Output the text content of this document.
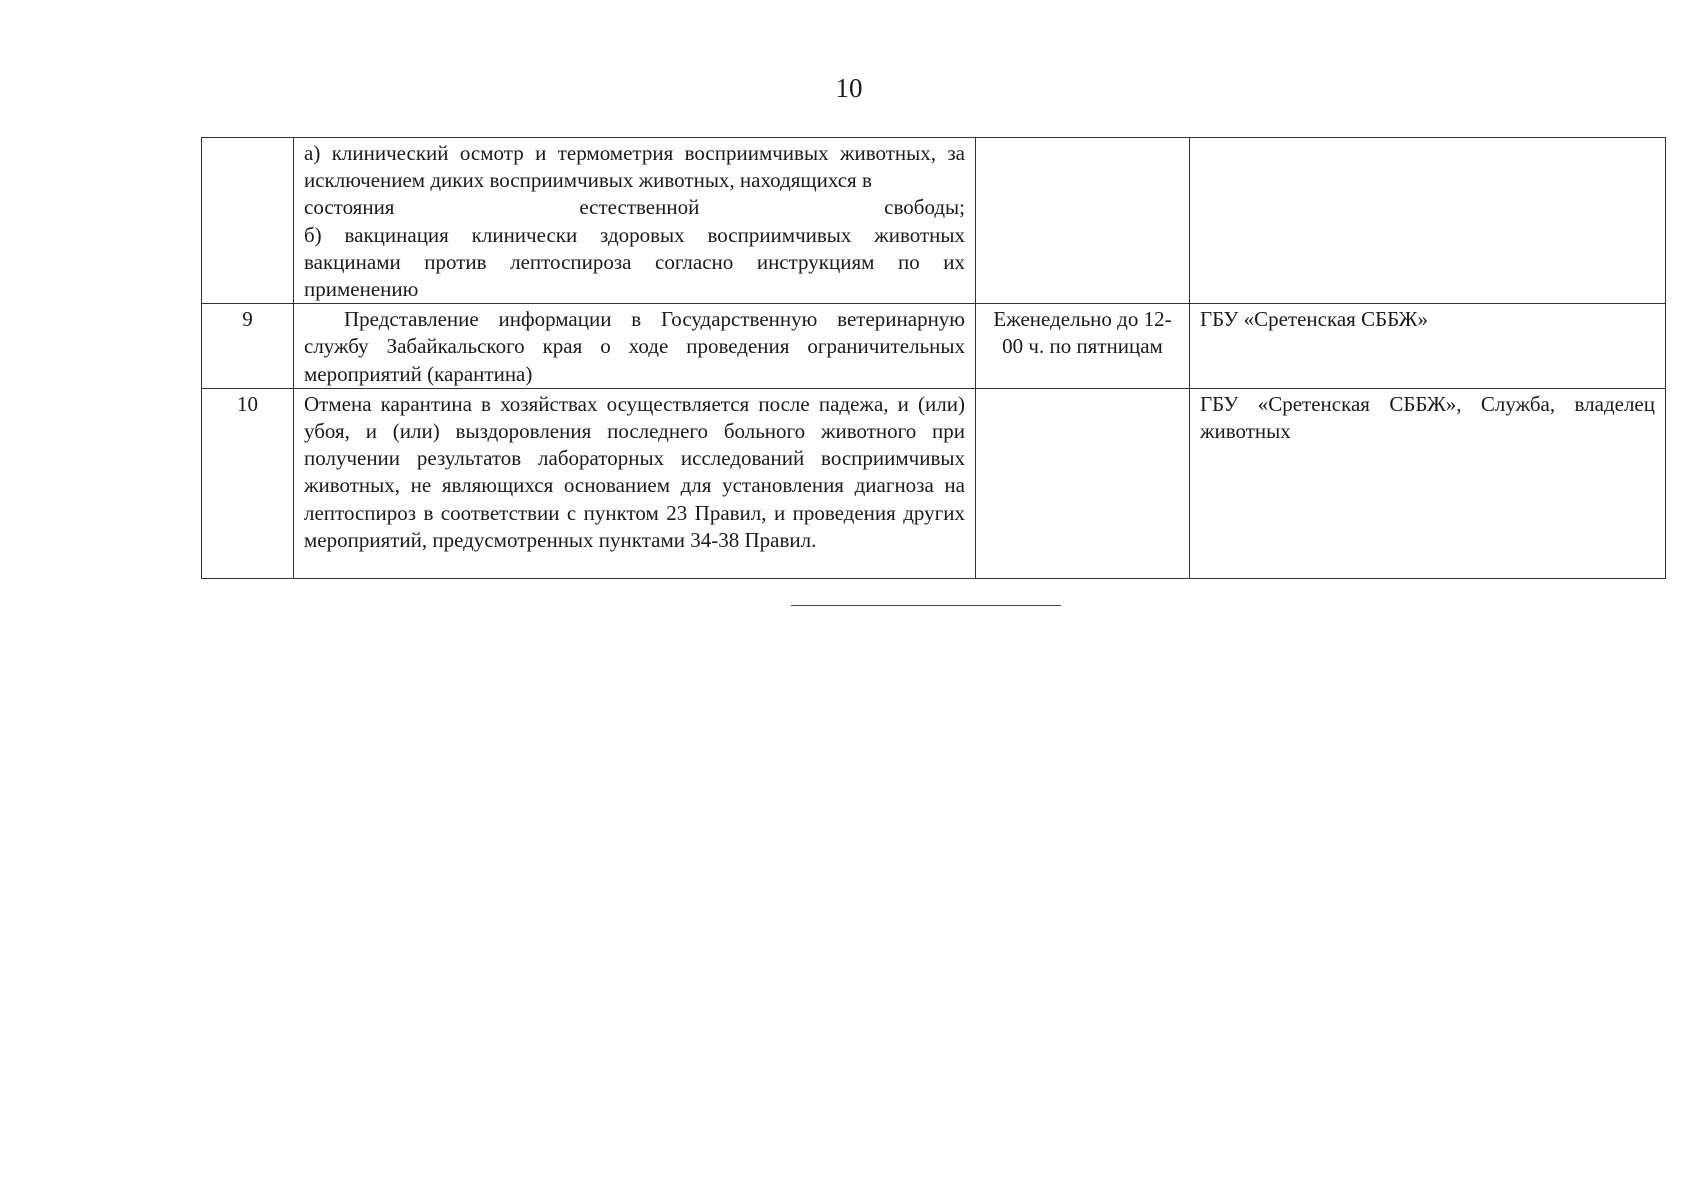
10

	а) клинический осмотр и термометрия восприимчивых животных, за исключением диких восприимчивых животных, находящихся в

состояния естественной свободы;

б) вакцинация клинически здоровых восприимчивых животных вакцинами против лептоспироза согласно инструкциям по их применению		

9	Представление информации в Государственную ветеринарную службу Забайкальского края о ходе проведения ограничительных мероприятий (карантина)	Еженедельно до 12-00 ч. по пятницам	ГБУ «Сретенская СББЖ»
10	Отмена карантина в хозяйствах осуществляется после падежа, и (или) убоя, и (или) выздоровления последнего больного животного при получении результатов лабораторных исследований восприимчивых животных, не являющихся основанием для установления диагноза на лептоспироз в соответствии с пунктом 23 Правил, и проведения других мероприятий, предусмотренных пунктами 34-38 Правил.		ГБУ «Сретенская СББЖ», Служба, владелец животных
